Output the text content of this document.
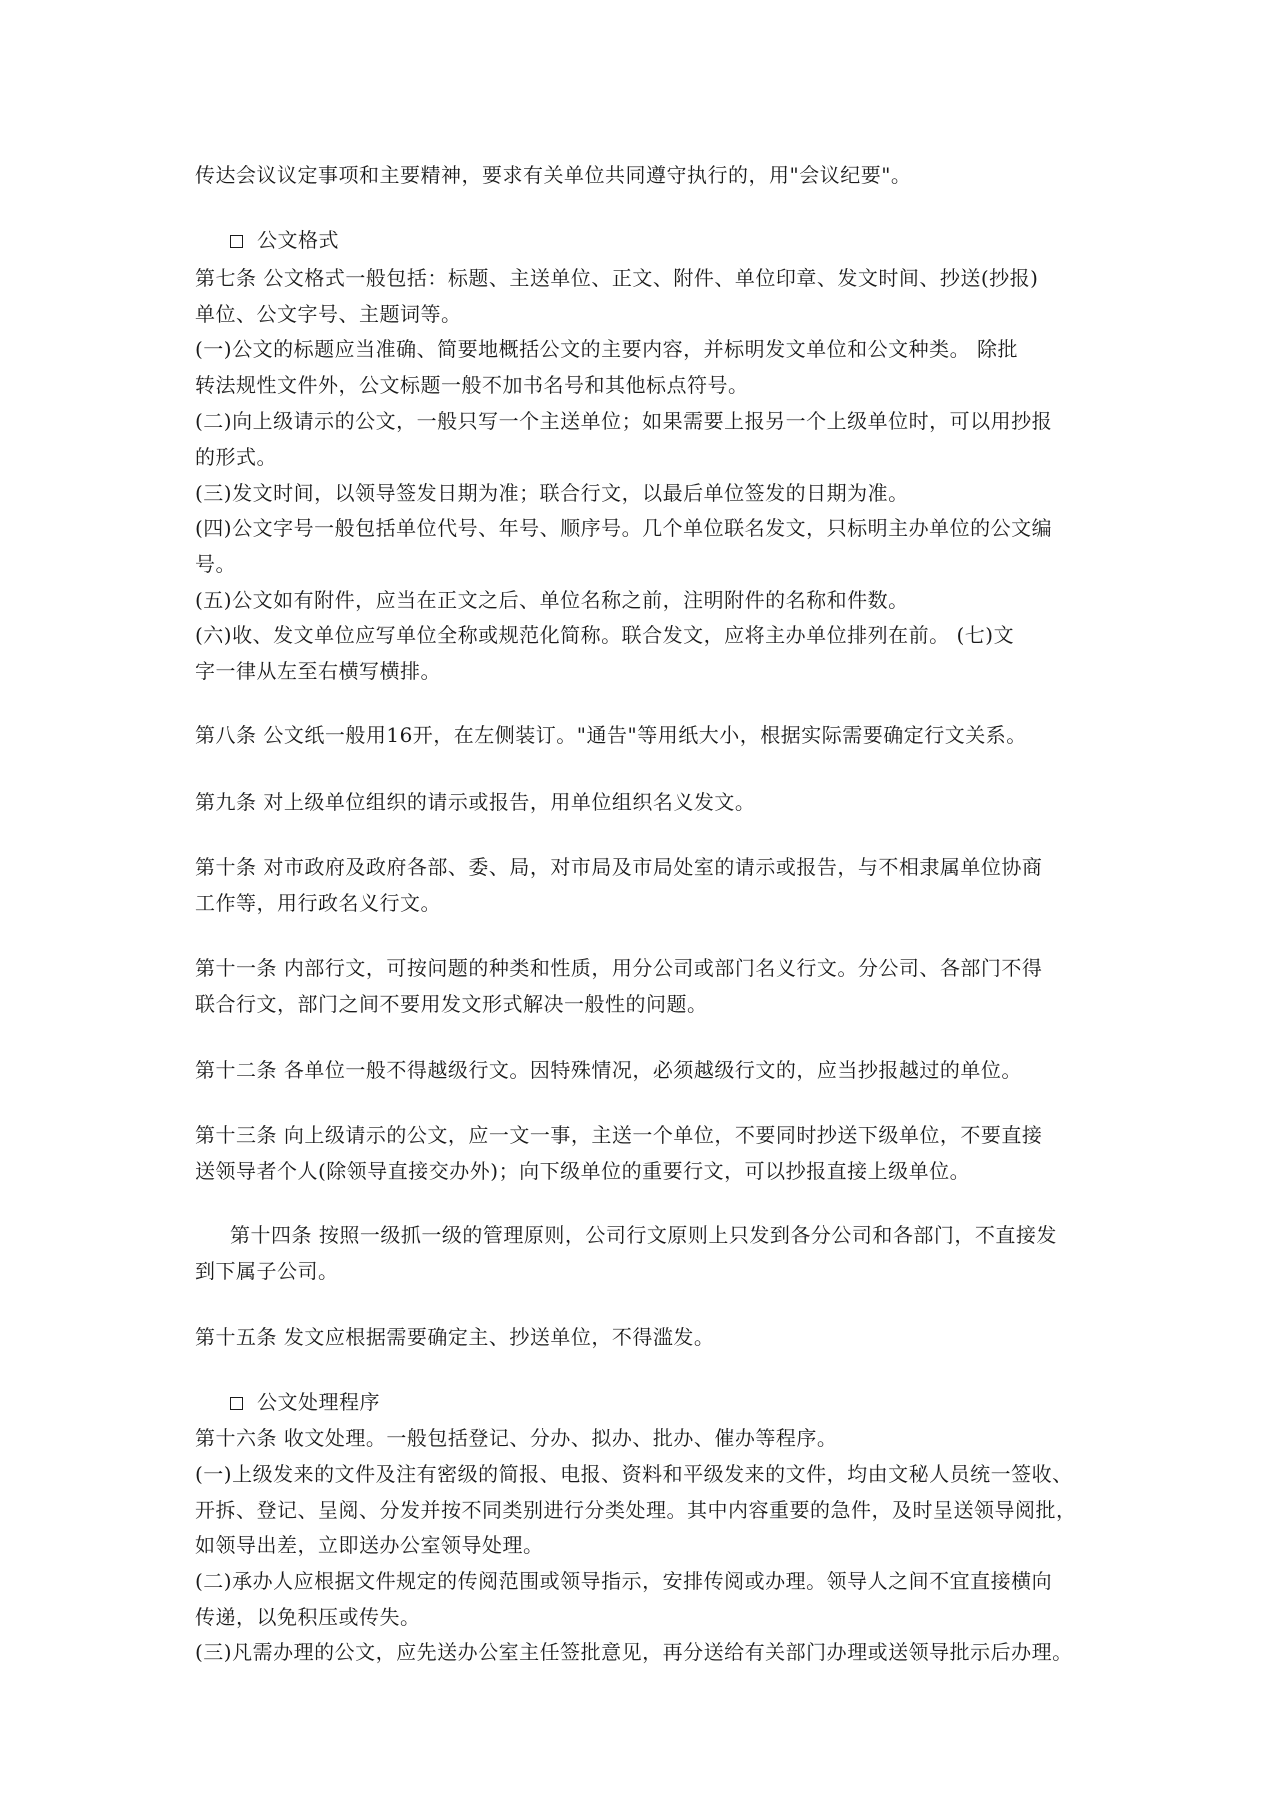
传达会议议定事项和主要精神，要求有关单位共同遵守执行的，用"会议纪要"。
公文格式
第七条 公文格式一般包括：标题、主送单位、正文、附件、单位印章、发文时间、抄送(抄报)
单位、公文字号、主题词等。
(一)公文的标题应当准确、简要地概括公文的主要内容，并标明发文单位和公文种类。 除批
转法规性文件外，公文标题一般不加书名号和其他标点符号。
(二)向上级请示的公文，一般只写一个主送单位；如果需要上报另一个上级单位时，可以用抄报
的形式。
(三)发文时间，以领导签发日期为准；联合行文，以最后单位签发的日期为准。
(四)公文字号一般包括单位代号、年号、顺序号。几个单位联名发文，只标明主办单位的公文编
号。
(五)公文如有附件，应当在正文之后、单位名称之前，注明附件的名称和件数。
(六)收、发文单位应写单位全称或规范化简称。联合发文，应将主办单位排列在前。 (七)文
字一律从左至右横写横排。
第八条 公文纸一般用16开，在左侧装订。"通告"等用纸大小，根据实际需要确定行文关系。
第九条 对上级单位组织的请示或报告，用单位组织名义发文。
第十条 对市政府及政府各部、委、局，对市局及市局处室的请示或报告，与不相隶属单位协商
工作等，用行政名义行文。
第十一条 内部行文，可按问题的种类和性质，用分公司或部门名义行文。分公司、各部门不得
联合行文，部门之间不要用发文形式解决一般性的问题。
第十二条 各单位一般不得越级行文。因特殊情况，必须越级行文的，应当抄报越过的单位。
第十三条 向上级请示的公文，应一文一事，主送一个单位，不要同时抄送下级单位，不要直接
送领导者个人(除领导直接交办外)；向下级单位的重要行文，可以抄报直接上级单位。
第十四条 按照一级抓一级的管理原则，公司行文原则上只发到各分公司和各部门，不直接发
到下属子公司。
第十五条 发文应根据需要确定主、抄送单位，不得滥发。
公文处理程序
第十六条 收文处理。一般包括登记、分办、拟办、批办、催办等程序。
(一)上级发来的文件及注有密级的简报、电报、资料和平级发来的文件，均由文秘人员统一签收、
开拆、登记、呈阅、分发并按不同类别进行分类处理。其中内容重要的急件，及时呈送领导阅批，
如领导出差，立即送办公室领导处理。
(二)承办人应根据文件规定的传阅范围或领导指示，安排传阅或办理。领导人之间不宜直接横向
传递，以免积压或传失。
(三)凡需办理的公文，应先送办公室主任签批意见，再分送给有关部门办理或送领导批示后办理。
